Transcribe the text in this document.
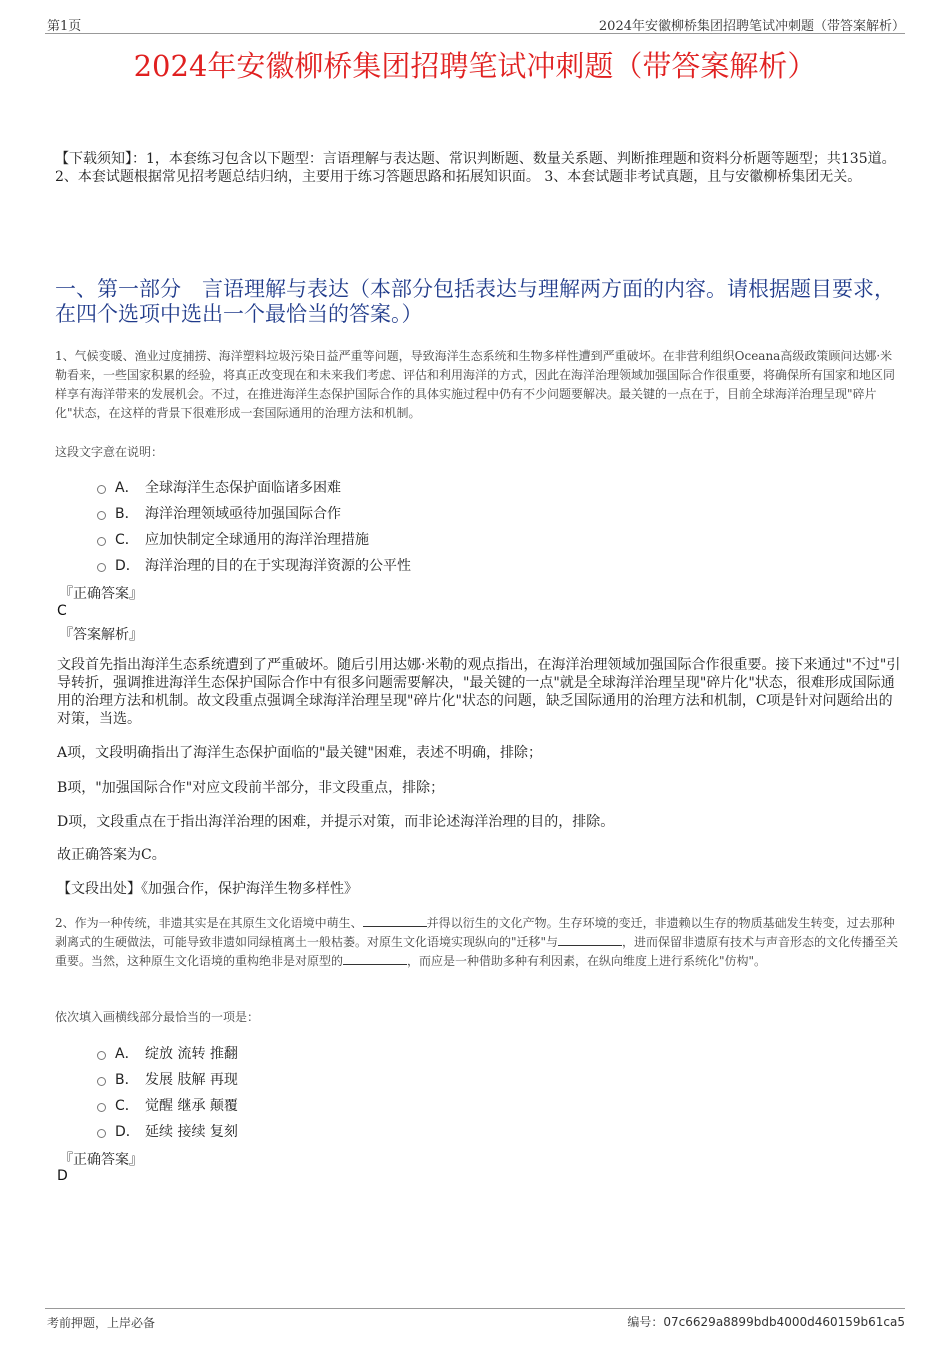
第1页	2024年安徽柳桥集团招聘笔试冲刺题（带答案解析）
2024年安徽柳桥集团招聘笔试冲刺题（带答案解析）
【下载须知】：1，本套练习包含以下题型：言语理解与表达题、常识判断题、数量关系题、判断推理题和资料分析题等题型；共135道。 2、本套试题根据常见招考题总结归纳，主要用于练习答题思路和拓展知识面。 3、本套试题非考试真题，且与安徽柳桥集团无关。
一、第一部分　言语理解与表达（本部分包括表达与理解两方面的内容。请根据题目要求，在四个选项中选出一个最恰当的答案。）
1、气候变暖、渔业过度捕捞、海洋塑料垃圾污染日益严重等问题，导致海洋生态系统和生物多样性遭到严重破坏。在非营利组织Oceana高级政策顾问达娜·米勒看来，一些国家积累的经验，将真正改变现在和未来我们考虑、评估和利用海洋的方式，因此在海洋治理领域加强国际合作很重要，将确保所有国家和地区同样享有海洋带来的发展机会。不过，在推进海洋生态保护国际合作的具体实施过程中仍有不少问题要解决。最关键的一点在于，目前全球海洋治理呈现"碎片化"状态，在这样的背景下很难形成一套国际通用的治理方法和机制。
这段文字意在说明：
A． 全球海洋生态保护面临诸多困难
B． 海洋治理领域亟待加强国际合作
C． 应加快制定全球通用的海洋治理措施
D． 海洋治理的目的在于实现海洋资源的公平性
『正确答案』
C
『答案解析』
文段首先指出海洋生态系统遭到了严重破坏。随后引用达娜·米勒的观点指出，在海洋治理领域加强国际合作很重要。接下来通过"不过"引导转折，强调推进海洋生态保护国际合作中有很多问题需要解决，"最关键的一点"就是全球海洋治理呈现"碎片化"状态，很难形成国际通用的治理方法和机制。故文段重点强调全球海洋治理呈现"碎片化"状态的问题，缺乏国际通用的治理方法和机制，C项是针对问题给出的对策，当选。
A项，文段明确指出了海洋生态保护面临的"最关键"困难，表述不明确，排除；
B项，"加强国际合作"对应文段前半部分，非文段重点，排除；
D项，文段重点在于指出海洋治理的困难，并提示对策，而非论述海洋治理的目的，排除。
故正确答案为C。
【文段出处】《加强合作，保护海洋生物多样性》
2、作为一种传统，非遗其实是在其原生文化语境中萌生、	并得以衍生的文化产物。生存环境的变迁，非遗赖以生存的物质基础发生转变，过去那种剥离式的生硬做法，可能导致非遗如同绿植离土一般枯萎。对原生文化语境实现纵向的"迁移"与	，进而保留非遗原有技术与声音形态的文化传播至关重要。当然，这种原生文化语境的重构绝非是对原型的	，而应是一种借助多种有利因素，在纵向维度上进行系统化"仿构"。
依次填入画横线部分最恰当的一项是：
A． 绽放 流转 推翻
B． 发展 肢解 再现
C． 觉醒 继承 颠覆
D． 延续 接续 复刻
『正确答案』
D
考前押题，上岸必备	编号：07c6629a8899bdb4000d460159b61ca5
